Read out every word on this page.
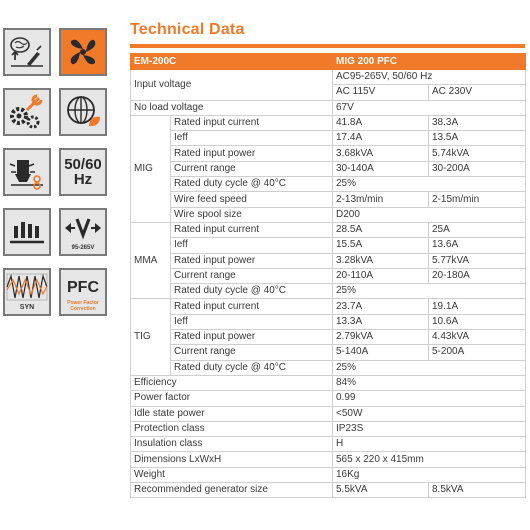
50/60
Hz
95-265V
SYN
PFC
Power Factor Correction
Technical Data
EM-200C		MIG 200 PFC	
Input voltage		AC95-265V, 50/60 Hz	
		AC 115V	AC 230V
No load voltage		67V	
MIG	Rated input current	41.8A	38.3A
	Ieff	17.4A	13.5A
	Rated input power	3.68kVA	5.74kVA
	Current range	30-140A	30-200A
	Rated duty cycle @ 40°C	25%	
	Wire feed speed	2-13m/min	2-15m/min
	Wire spool size	D200	
MMA	Rated input current	28.5A	25A
	Ieff	15.5A	13.6A
	Rated input power	3.28kVA	5.77kVA
	Current range	20-110A	20-180A
	Rated duty cycle @ 40°C	25%	
TIG	Rated input current	23.7A	19.1A
	Ieff	13.3A	10.6A
	Rated input power	2.79kVA	4.43kVA
	Current range	5-140A	5-200A
	Rated duty cycle @ 40°C	25%	
Efficiency		84%	
Power factor		0.99	
Idle state power		<50W	
Protection class		IP23S	
Insulation class		H	
Dimensions LxWxH		565 x 220 x 415mm	
Weight		16Kg	
Recommended generator size		5.5kVA	8.5kVA
